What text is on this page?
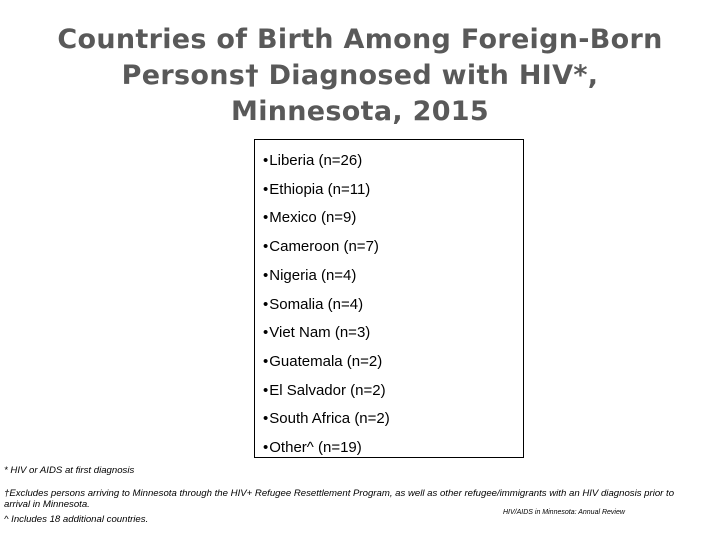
Countries of Birth Among Foreign-Born
Persons† Diagnosed with HIV*,
Minnesota, 2015
•Liberia (n=26)
•Ethiopia (n=11)
•Mexico (n=9)
•Cameroon (n=7)
•Nigeria (n=4)
•Somalia (n=4)
•Viet Nam (n=3)
•Guatemala (n=2)
•El Salvador (n=2)
•South Africa (n=2)
•Other^ (n=19)

* HIV or AIDS at first diagnosis

†Excludes persons arriving to Minnesota through the HIV+ Refugee Resettlement Program, as well as other refugee/immigrants with an HIV diagnosis prior to arrival in Minnesota.

^ Includes 18 additional countries.

HIV/AIDS in Minnesota: Annual Review
